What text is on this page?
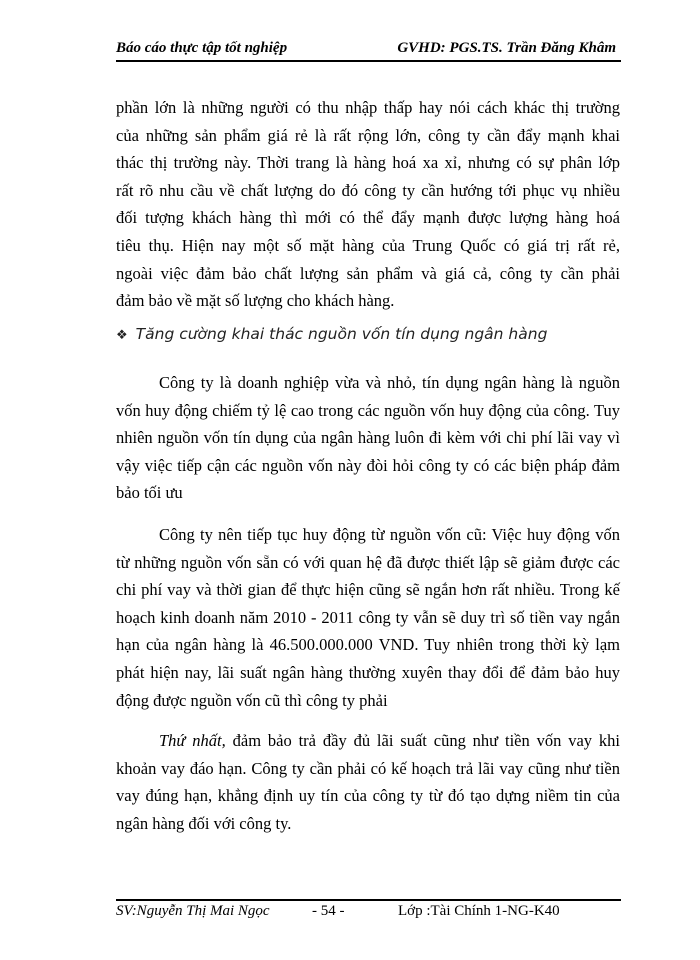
Báo cáo thực tập tốt nghiệp	GVHD: PGS.TS. Trần Đăng Khâm
phần lớn là những người có thu nhập thấp hay nói cách khác thị trường
của những sản phẩm giá rẻ là rất rộng lớn, công ty cần đẩy mạnh khai
thác thị trường này. Thời trang là hàng hoá xa xỉ, nhưng có sự phân lớp
rất rõ nhu cầu về chất lượng do đó công ty cần hướng tới phục vụ nhiều
đối tượng khách hàng thì mới có thể đẩy mạnh được lượng hàng hoá
tiêu thụ. Hiện nay một số mặt hàng của Trung Quốc có giá trị rất rẻ,
ngoài việc đảm bảo chất lượng sản phẩm và giá cả, công ty cần phải
đảm bảo về mặt số lượng cho khách hàng.
❖ Tăng cường khai thác nguồn vốn tín dụng ngân hàng
Công ty là doanh nghiệp vừa và nhỏ, tín dụng ngân hàng là nguồn
vốn huy động chiếm tỷ lệ cao trong các nguồn vốn huy động của công. Tuy
nhiên nguồn vốn tín dụng của ngân hàng luôn đi kèm với chi phí lãi vay vì
vậy việc tiếp cận các nguồn vốn này đòi hỏi công ty có các biện pháp đảm
bảo tối ưu
Công ty nên tiếp tục huy động từ nguồn vốn cũ: Việc huy động vốn
từ những nguồn vốn sẵn có với quan hệ đã được thiết lập sẽ giảm được các
chi phí vay và thời gian để thực hiện cũng sẽ ngắn hơn rất nhiều. Trong kế
hoạch kinh doanh năm 2010 - 2011 công ty vẫn sẽ duy trì số tiền vay ngắn
hạn của ngân hàng là 46.500.000.000 VND. Tuy nhiên trong thời kỳ lạm
phát hiện nay, lãi suất ngân hàng thường xuyên thay đổi để đảm bảo huy
động được nguồn vốn cũ thì công ty phải
Thứ nhất, đảm bảo trả đầy đủ lãi suất cũng như tiền vốn vay khi
khoản vay đáo hạn. Công ty cần phải có kế hoạch trả lãi vay cũng như tiền
vay đúng hạn, khẳng định uy tín của công ty từ đó tạo dựng niềm tin của
ngân hàng đối với công ty.
SV:Nguyễn Thị Mai Ngọc	- 54 -	Lớp :Tài Chính 1-NG-K40
